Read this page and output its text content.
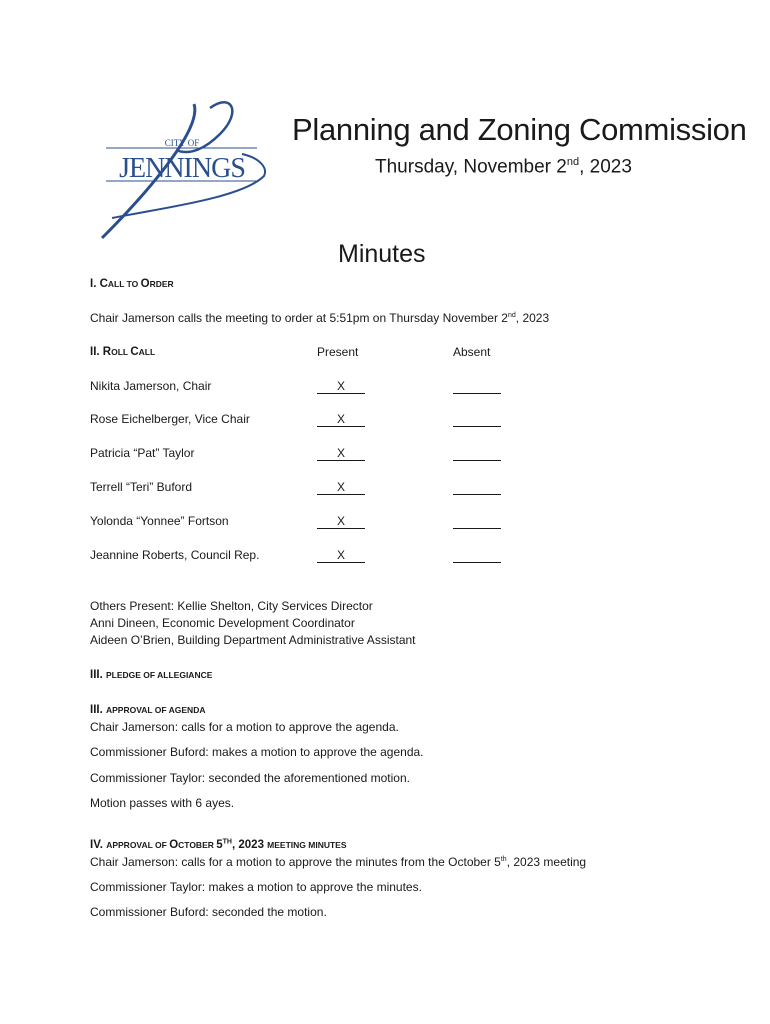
CITY OF
JENNINGS
Planning and Zoning Commission
Thursday, November 2nd, 2023
Minutes
I. CALL TO ORDER
Chair Jamerson calls the meeting to order at 5:51pm on Thursday November 2nd, 2023
II. ROLL CALL	Present	Absent
Nikita Jamerson, Chair	X
Rose Eichelberger, Vice Chair	X
Patricia “Pat” Taylor	X
Terrell “Teri” Buford	X
Yolonda “Yonnee” Fortson	X
Jeannine Roberts, Council Rep.	X
Others Present: Kellie Shelton, City Services Director
Anni Dineen, Economic Development Coordinator
Aideen O’Brien, Building Department Administrative Assistant
III. PLEDGE OF ALLEGIANCE
III. APPROVAL OF AGENDA
Chair Jamerson: calls for a motion to approve the agenda.
Commissioner Buford: makes a motion to approve the agenda.
Commissioner Taylor: seconded the aforementioned motion.
Motion passes with 6 ayes.
IV. APPROVAL OF OCTOBER 5TH, 2023 MEETING MINUTES
Chair Jamerson: calls for a motion to approve the minutes from the October 5th, 2023 meeting
Commissioner Taylor: makes a motion to approve the minutes.
Commissioner Buford: seconded the motion.
